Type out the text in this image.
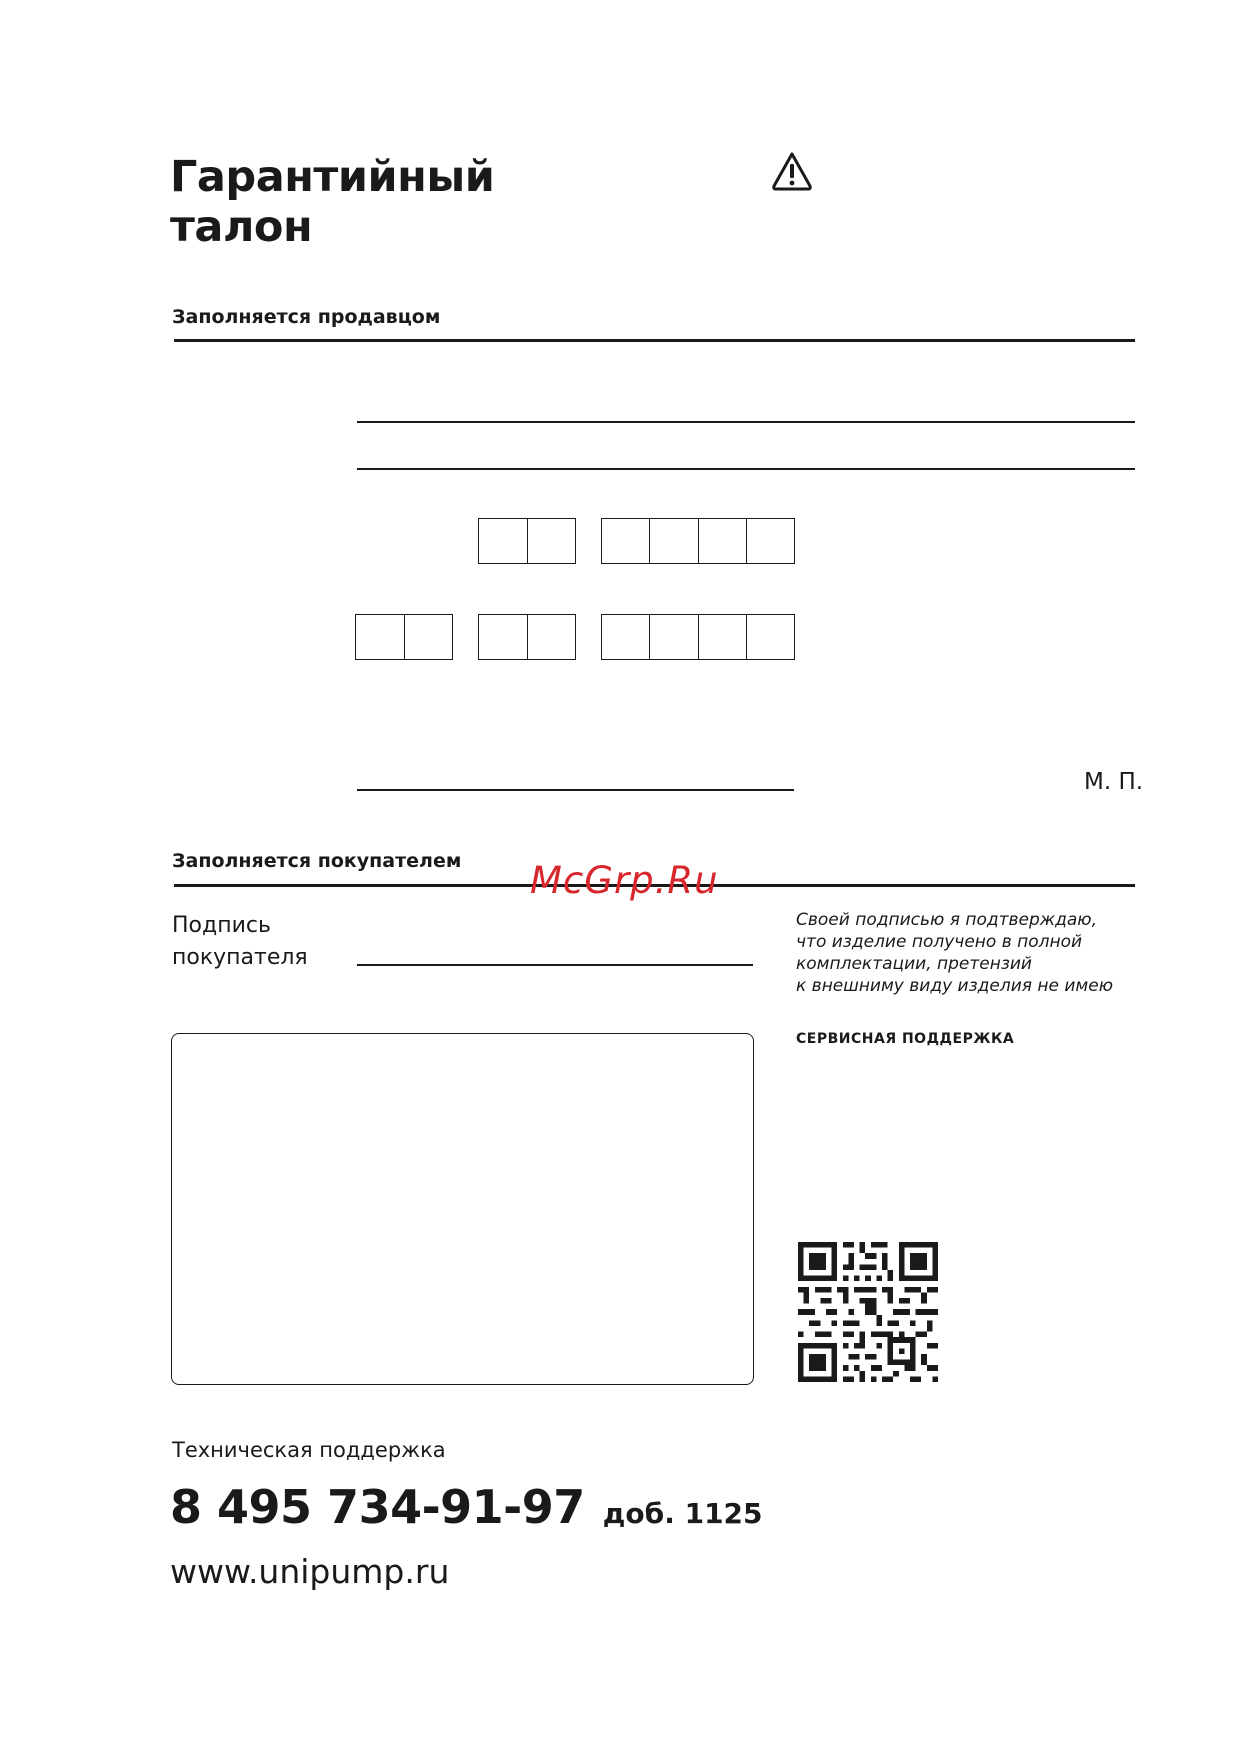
Гарантийный
талон
Заполняется продавцом
М. П.
Заполняется покупателем McGrp.Ru
Подпись
покупателя
Своей подписью я подтверждаю,
что изделие получено в полной
комплектации, претензий
к внешниму виду изделия не имею
СЕРВИСНАЯ ПОДДЕРЖКА
Техническая поддержка
8 495 734-91-97 доб. 1125
www.unipump.ru
